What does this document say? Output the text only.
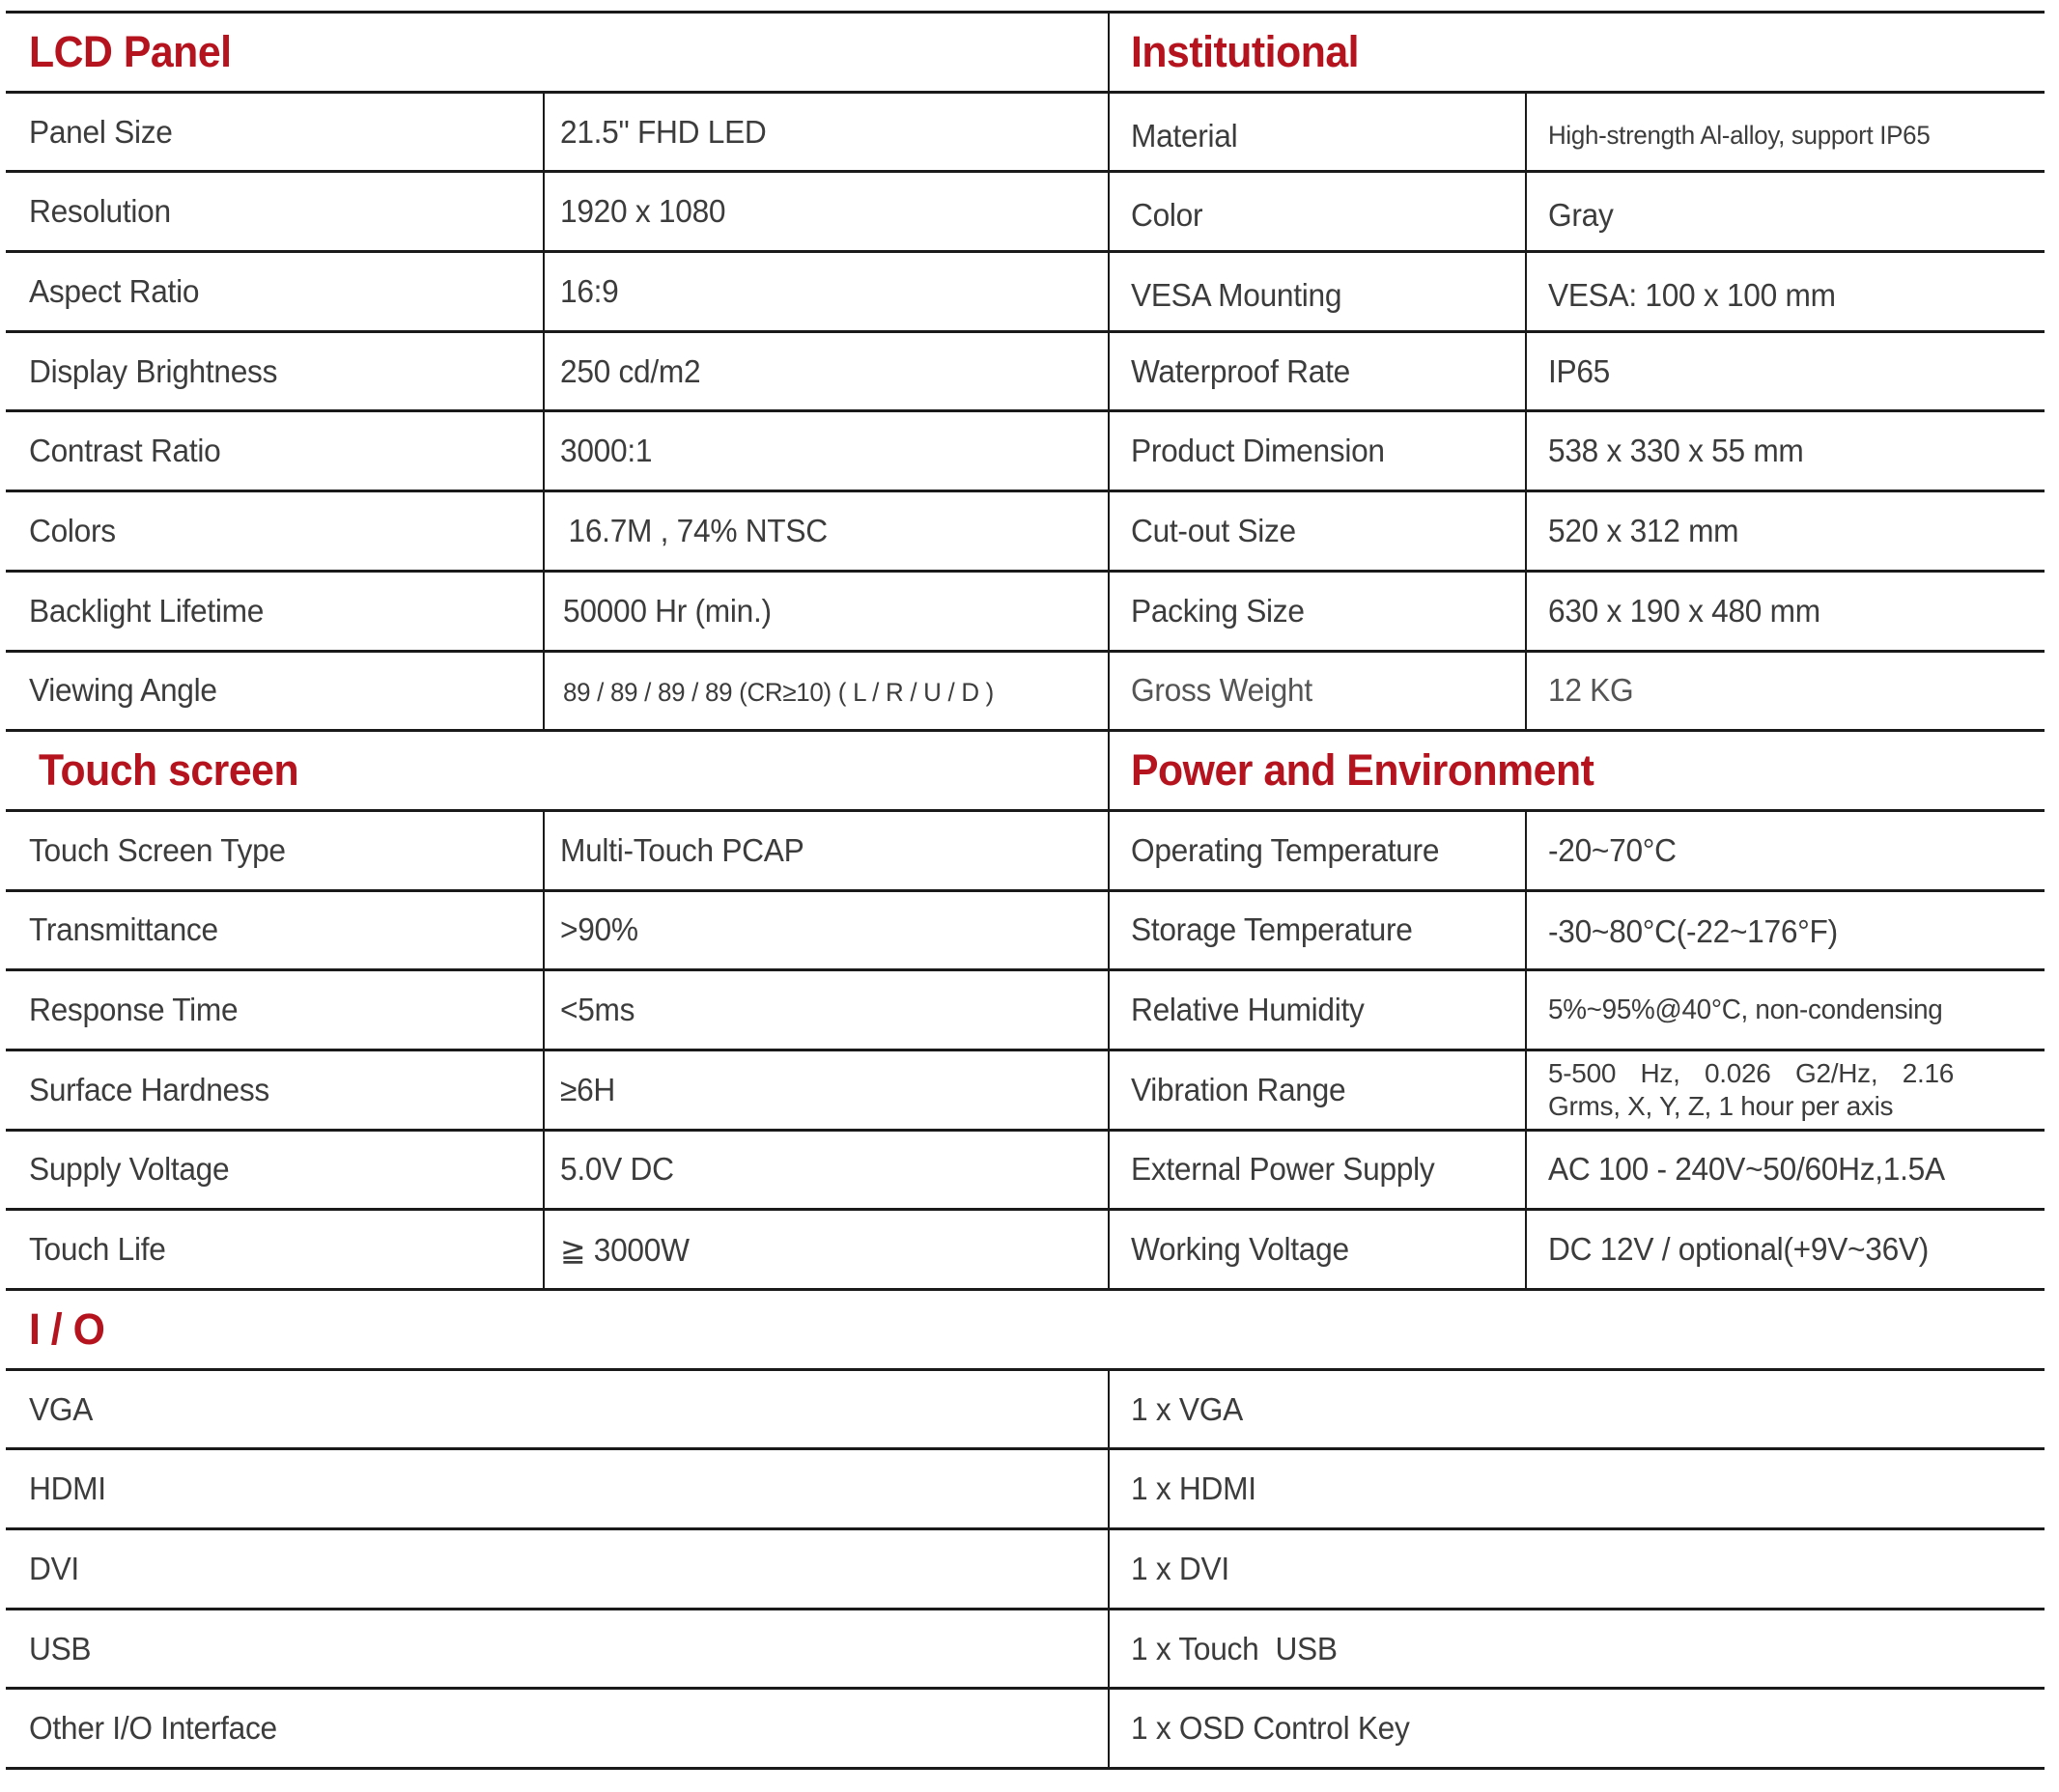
LCD Panel	Institutional
Panel Size	21.5" FHD LED	Material	High-strength Al-alloy, support IP65
Resolution	1920 x 1080	Color	Gray
Aspect Ratio	16:9	VESA Mounting	VESA: 100 x 100 mm
Display Brightness	250 cd/m2	Waterproof Rate	IP65
Contrast Ratio	3000:1	Product Dimension	538 x 330 x 55 mm
Colors	16.7M , 74% NTSC	Cut-out Size	520 x 312 mm
Backlight Lifetime	50000 Hr (min.)	Packing Size	630 x 190 x 480 mm
Viewing Angle	89 / 89 / 89 / 89 (CR≥10) ( L / R / U / D )	Gross Weight	12 KG
Touch screen	Power and Environment
Touch Screen Type	Multi-Touch PCAP	Operating Temperature	-20~70°C
Transmittance	>90%	Storage Temperature	-30~80°C(-22~176°F)
Response Time	<5ms	Relative Humidity	5%~95%@40°C, non-condensing
Surface Hardness	≥6H	Vibration Range	5-500 Hz, 0.026 G2/Hz, 2.16 Grms, X, Y, Z, 1 hour per axis
Supply Voltage	5.0V DC	External Power Supply	AC 100 - 240V~50/60Hz,1.5A
Touch Life	≧ 3000W	Working Voltage	DC 12V / optional(+9V~36V)
I / O
VGA	1 x VGA
HDMI	1 x HDMI
DVI	1 x DVI
USB	1 x Touch  USB
Other I/O Interface	1 x OSD Control Key
